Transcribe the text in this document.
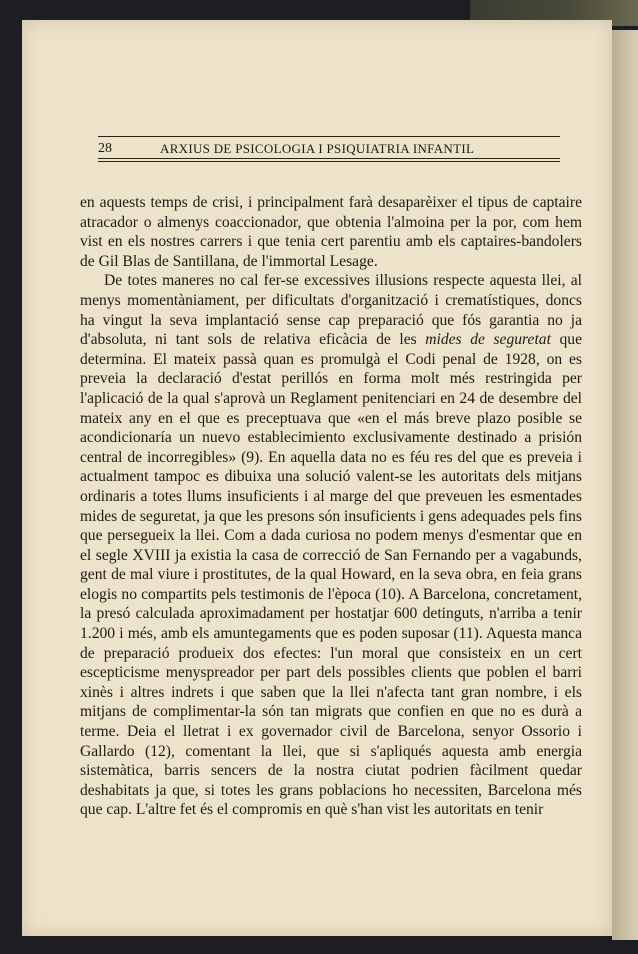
28	ARXIUS DE PSICOLOGIA I PSIQUIATRIA INFANTIL

en aquests temps de crisi, i principalment farà desaparèixer el tipus de captaire atracador o almenys coaccionador, que obtenia l'almoina per la por, com hem vist en els nostres carrers i que tenia cert parentiu amb els captaires-bandolers de Gil Blas de Santillana, de l'immortal Lesage.

De totes maneres no cal fer-se excessives illusions respecte aquesta llei, al menys momentàniament, per dificultats d'organització i crematístiques, doncs ha vingut la seva implantació sense cap preparació que fós garantia no ja d'absoluta, ni tant sols de relativa eficàcia de les mides de seguretat que determina. El mateix passà quan es promulgà el Codi penal de 1928, on es preveia la declaració d'estat perillós en forma molt més restringida per l'aplicació de la qual s'aprovà un Reglament penitenciari en 24 de desembre del mateix any en el que es preceptuava que «en el más breve plazo posible se acondicionaría un nuevo establecimiento exclusivamente destinado a prisión central de incorregibles» (9). En aquella data no es féu res del que es preveia i actualment tampoc es dibuixa una solució valent-se les autoritats dels mitjans ordinaris a totes llums insuficients i al marge del que preveuen les esmentades mides de seguretat, ja que les presons són insuficients i gens adequades pels fins que persegueix la llei. Com a dada curiosa no podem menys d'esmentar que en el segle XVIII ja existia la casa de correcció de San Fernando per a vagabunds, gent de mal viure i prostitutes, de la qual Howard, en la seva obra, en feia grans elogis no compartits pels testimonis de l'època (10). A Barcelona, concretament, la presó calculada aproximadament per hostatjar 600 detinguts, n'arriba a tenir 1.200 i més, amb els amuntegaments que es poden suposar (11). Aquesta manca de preparació produeix dos efectes: l'un moral que consisteix en un cert escepticisme menyspreador per part dels possibles clients que poblen el barri xinès i altres indrets i que saben que la llei n'afecta tant gran nombre, i els mitjans de complimentar-la són tan migrats que confien en que no es durà a terme. Deia el lletrat i ex governador civil de Barcelona, senyor Ossorio i Gallardo (12), comentant la llei, que si s'apliqués aquesta amb energia sistemàtica, barris sencers de la nostra ciutat podrien fàcilment quedar deshabitats ja que, si totes les grans poblacions ho necessiten, Barcelona més que cap. L'altre fet és el compromis en què s'han vist les autoritats en tenir
